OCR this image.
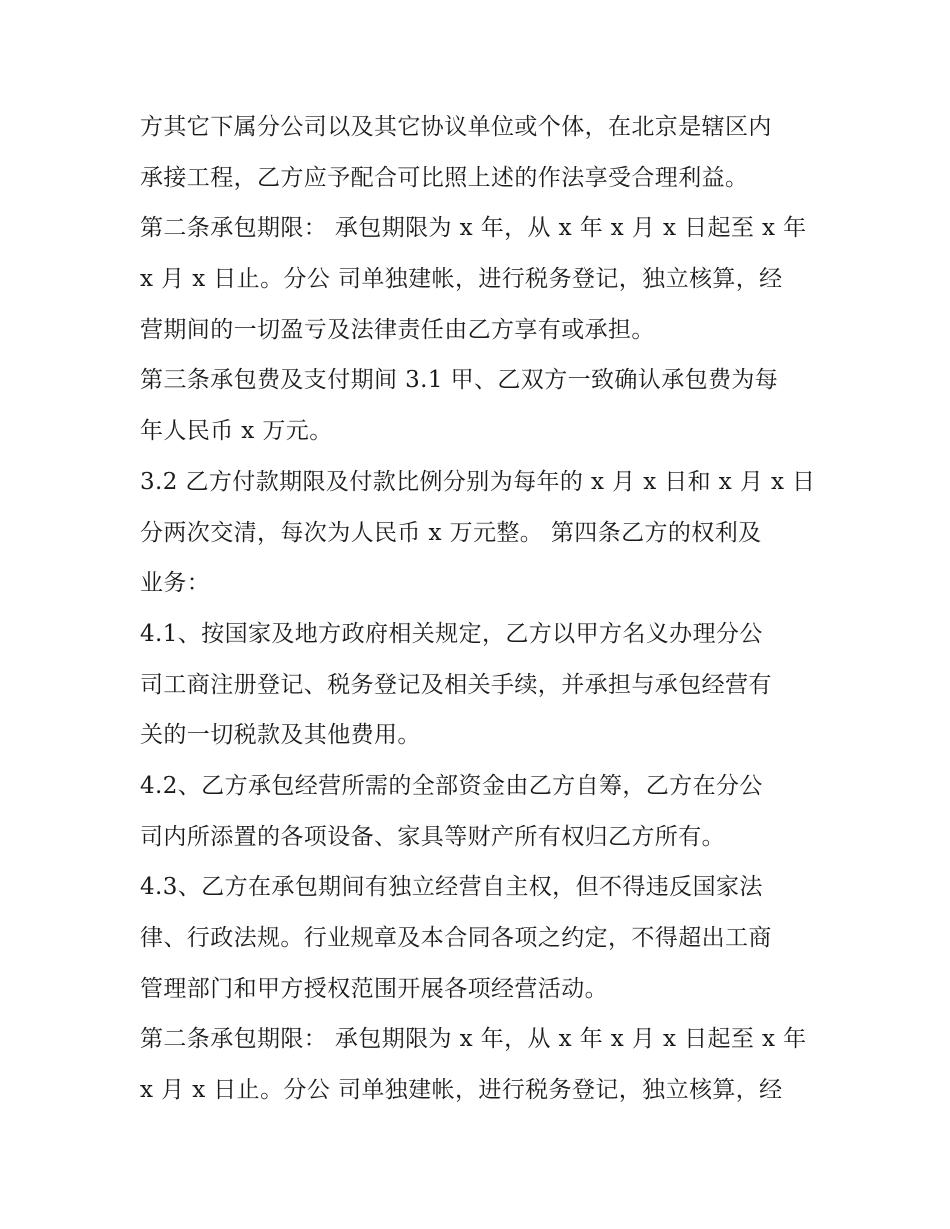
方其它下属分公司以及其它协议单位或个体，在北京是辖区内
承接工程，乙方应予配合可比照上述的作法享受合理利益。
第二条承包期限： 承包期限为 x 年，从 x 年 x 月 x 日起至 x 年
x 月 x 日止。分公 司单独建帐，进行税务登记，独立核算，经
营期间的一切盈亏及法律责任由乙方享有或承担。
第三条承包费及支付期间 3.1 甲、乙双方一致确认承包费为每
年人民币 x 万元。
3.2 乙方付款期限及付款比例分别为每年的 x 月 x 日和 x 月 x 日
分两次交清，每次为人民币 x 万元整。 第四条乙方的权利及
业务：
4.1、按国家及地方政府相关规定，乙方以甲方名义办理分公
司工商注册登记、税务登记及相关手续，并承担与承包经营有
关的一切税款及其他费用。
4.2、乙方承包经营所需的全部资金由乙方自筹，乙方在分公
司内所添置的各项设备、家具等财产所有权归乙方所有。
4.3、乙方在承包期间有独立经营自主权，但不得违反国家法
律、行政法规。行业规章及本合同各项之约定，不得超出工商
管理部门和甲方授权范围开展各项经营活动。
第二条承包期限： 承包期限为 x 年，从 x 年 x 月 x 日起至 x 年
x 月 x 日止。分公 司单独建帐，进行税务登记，独立核算，经
